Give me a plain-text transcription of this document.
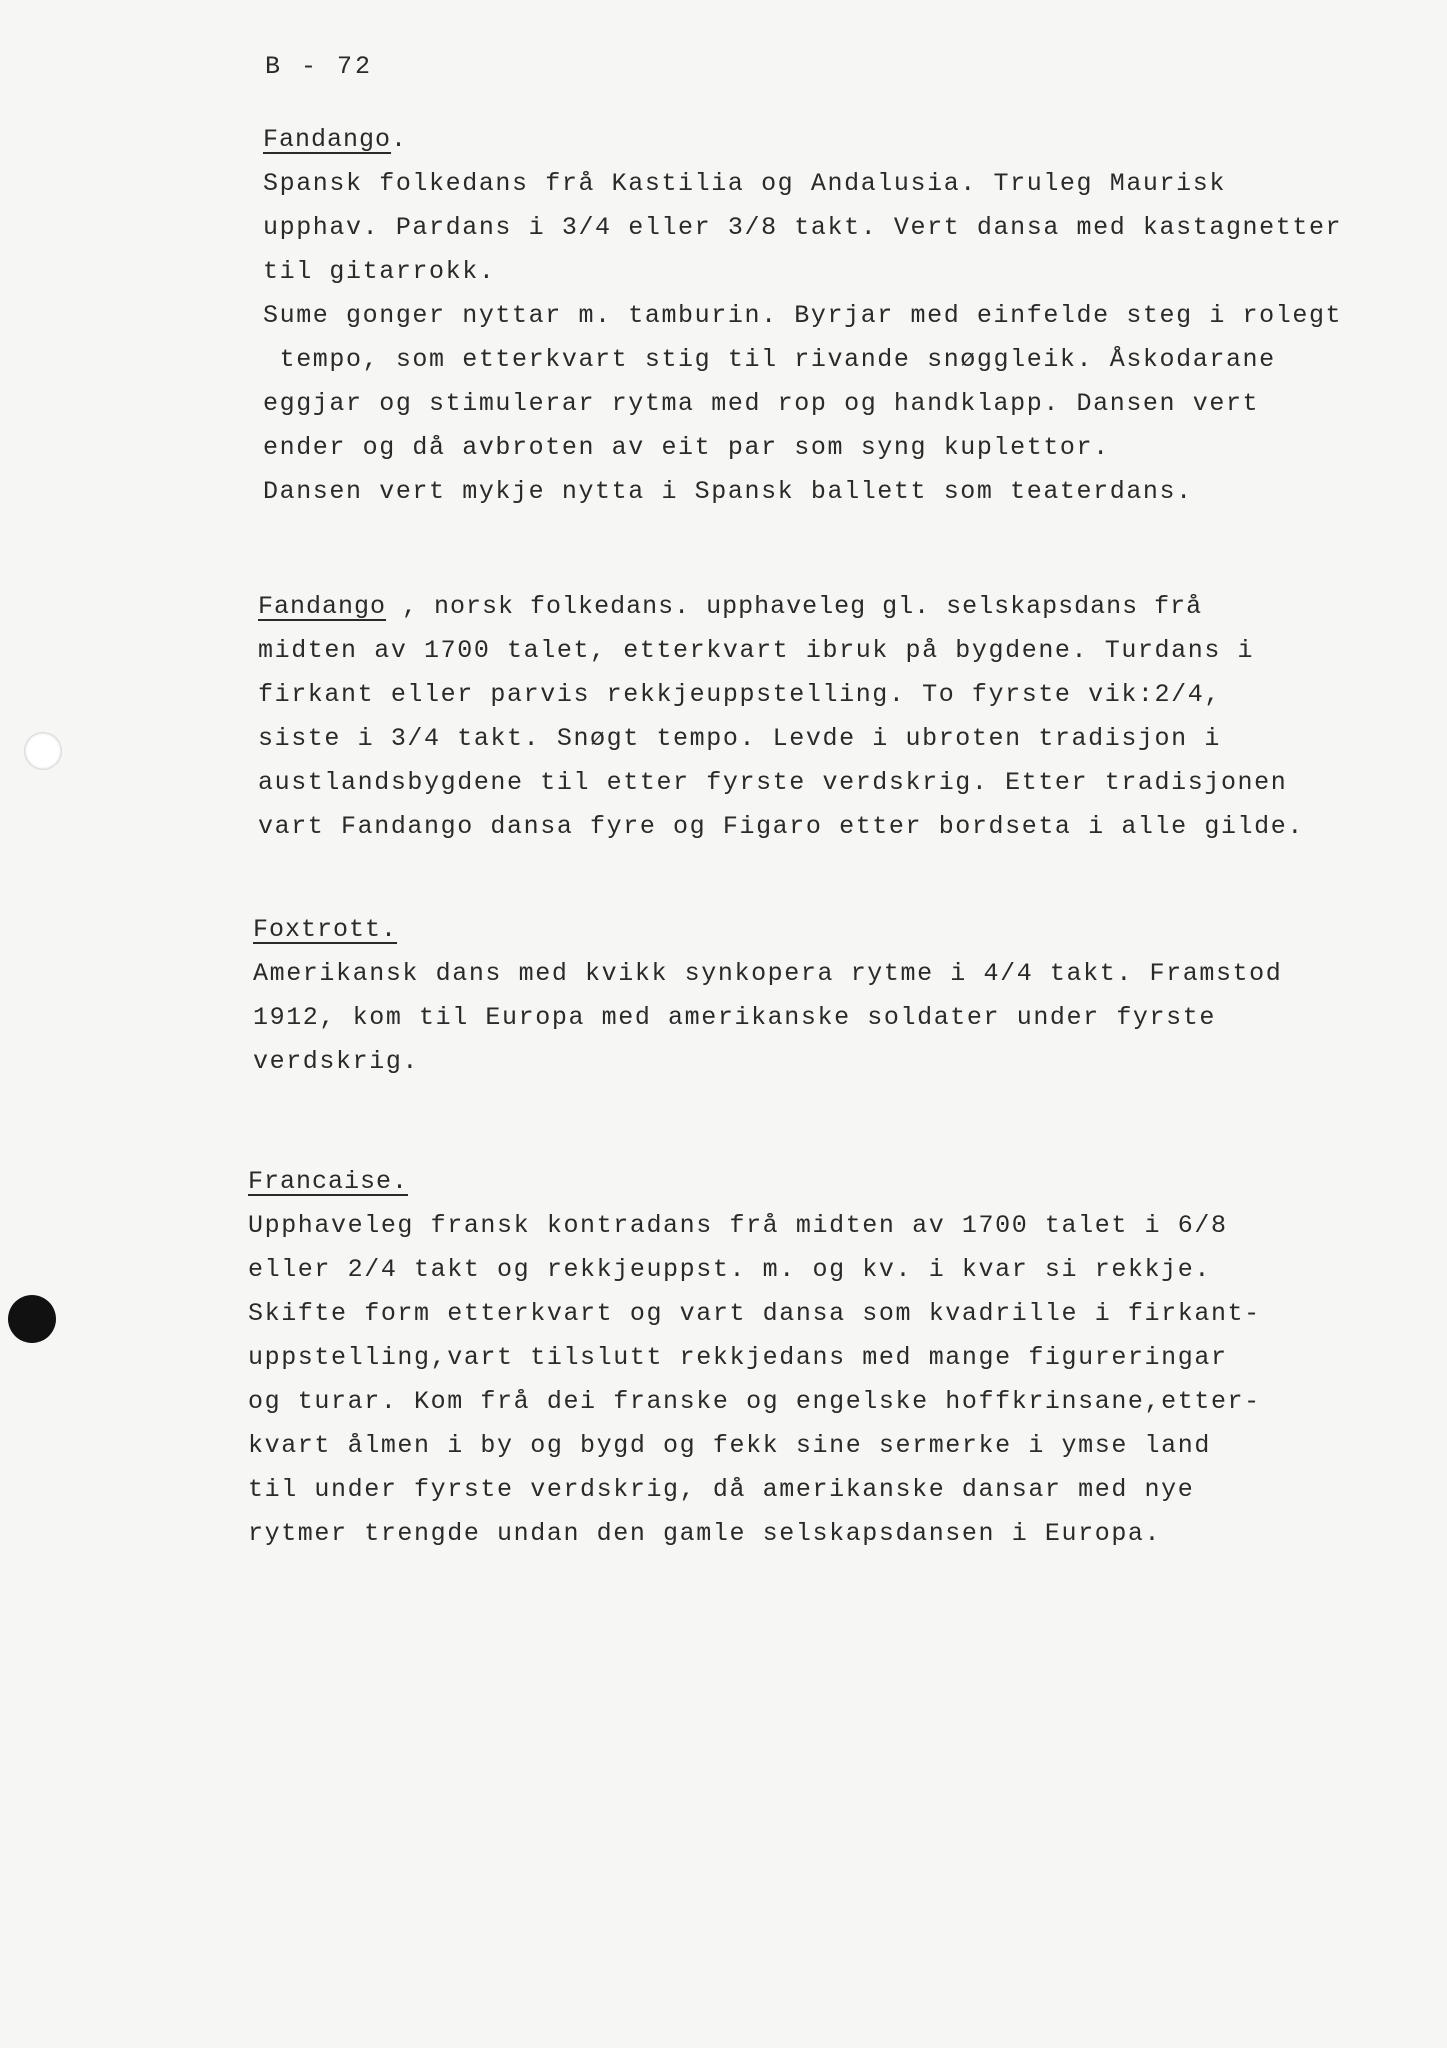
B - 72
Fandango.
Spansk folkedans frå Kastilia og Andalusia. Truleg Maurisk
upphav. Pardans i 3/4 eller 3/8 takt. Vert dansa med kastagnetter
til gitarrokk.
Sume gonger nyttar m. tamburin. Byrjar med einfelde steg i rolegt
tempo, som etterkvart stig til rivande snøggleik. Åskodarane
eggjar og stimulerar rytma med rop og handklapp. Dansen vert
ender og då avbroten av eit par som syng kuplettor.
Dansen vert mykje nytta i Spansk ballett som teaterdans.
Fandango , norsk folkedans. upphaveleg gl. selskapsdans frå
midten av 1700 talet, etterkvart ibruk på bygdene. Turdans i
firkant eller parvis rekkjeuppstelling. To fyrste vik:2/4,
siste i 3/4 takt. Snøgt tempo. Levde i ubroten tradisjon i
austlandsbygdene til etter fyrste verdskrig. Etter tradisjonen
vart Fandango dansa fyre og Figaro etter bordseta i alle gilde.
Foxtrott.
Amerikansk dans med kvikk synkopera rytme i 4/4 takt. Framstod
1912, kom til Europa med amerikanske soldater under fyrste
verdskrig.
Francaise.
Upphaveleg fransk kontradans frå midten av 1700 talet i 6/8
eller 2/4 takt og rekkjeuppst. m. og kv. i kvar si rekkje.
Skifte form etterkvart og vart dansa som kvadrille i firkant-
uppstelling,vart tilslutt rekkjedans med mange figureringar
og turar. Kom frå dei franske og engelske hoffkrinsane,etter-
kvart ålmen i by og bygd og fekk sine sermerke i ymse land
til under fyrste verdskrig, då amerikanske dansar med nye
rytmer trengde undan den gamle selskapsdansen i Europa.
